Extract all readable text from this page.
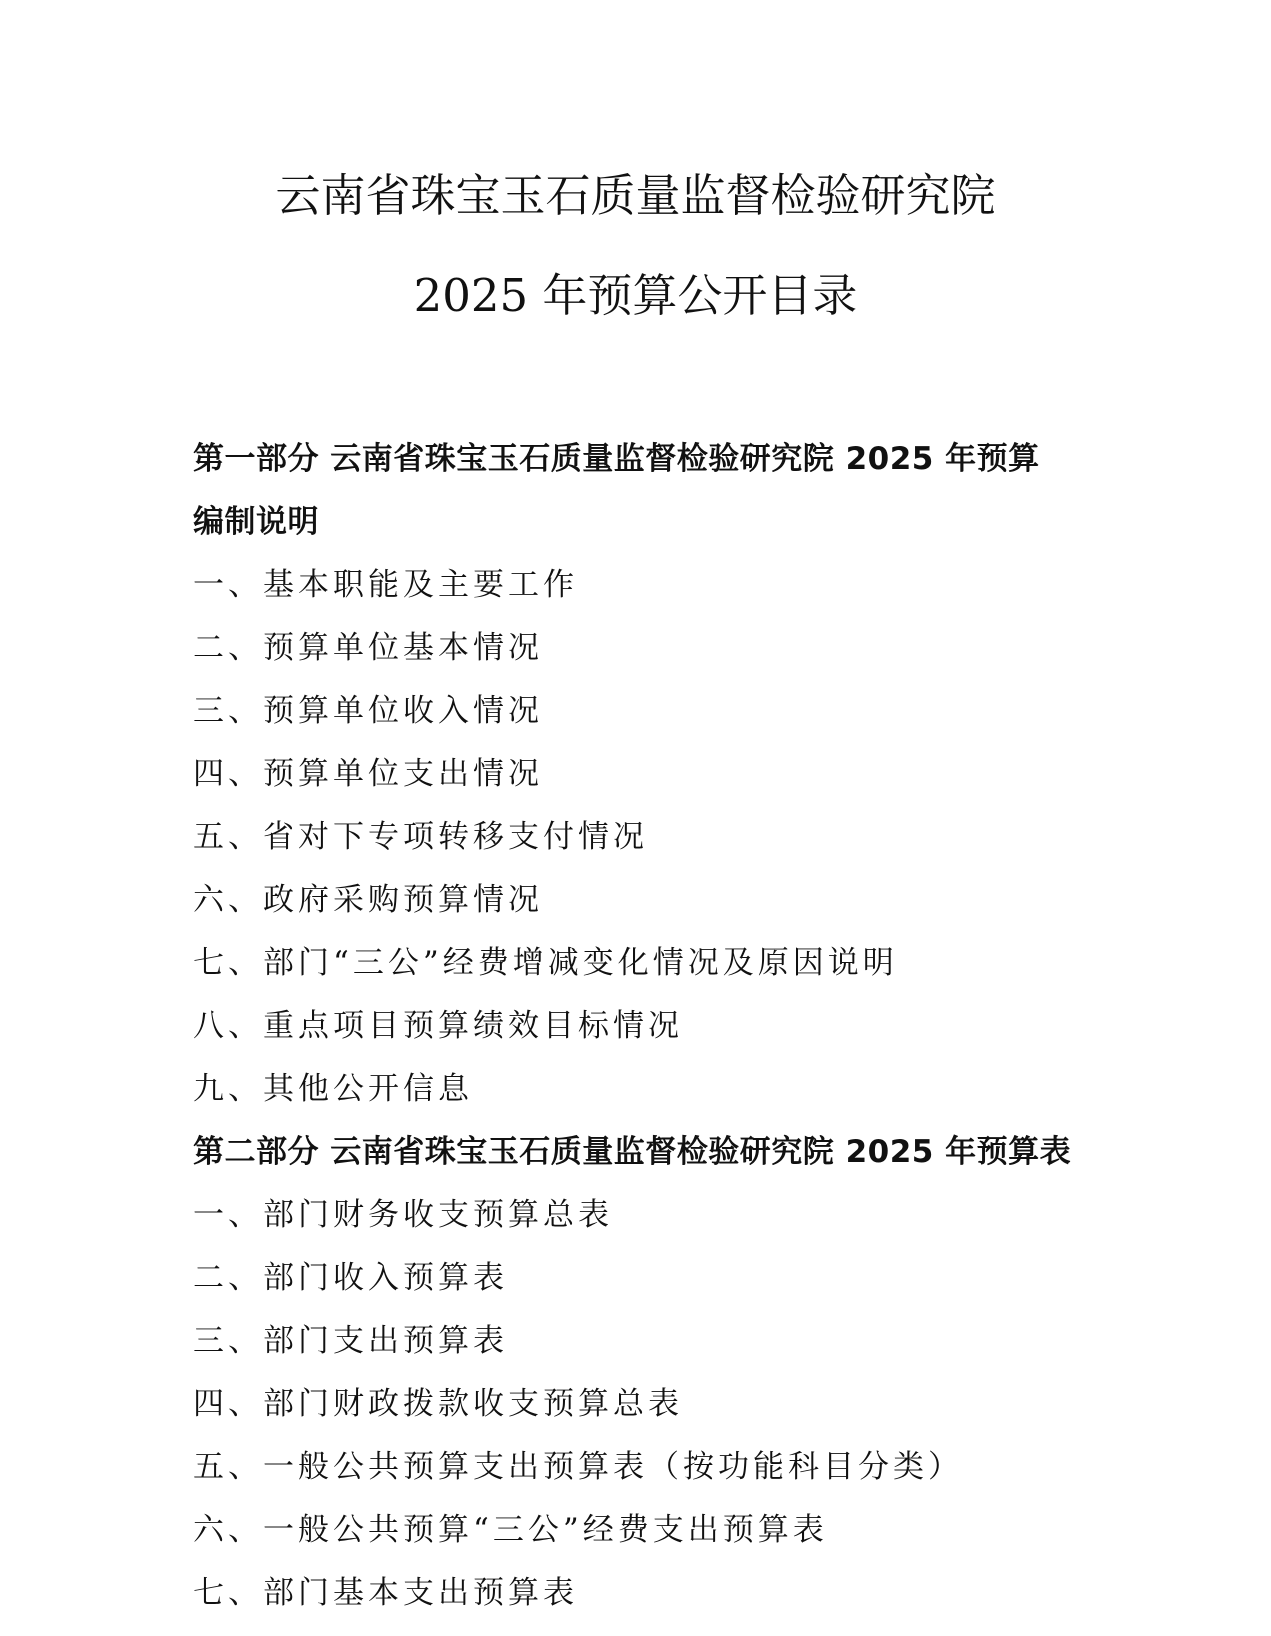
云南省珠宝玉石质量监督检验研究院
2025 年预算公开目录
第一部分 云南省珠宝玉石质量监督检验研究院 2025 年预算编制说明
一、基本职能及主要工作
二、预算单位基本情况
三、预算单位收入情况
四、预算单位支出情况
五、省对下专项转移支付情况
六、政府采购预算情况
七、部门“三公”经费增减变化情况及原因说明
八、重点项目预算绩效目标情况
九、其他公开信息
第二部分 云南省珠宝玉石质量监督检验研究院 2025 年预算表
一、部门财务收支预算总表
二、部门收入预算表
三、部门支出预算表
四、部门财政拨款收支预算总表
五、一般公共预算支出预算表（按功能科目分类）
六、一般公共预算“三公”经费支出预算表
七、部门基本支出预算表
